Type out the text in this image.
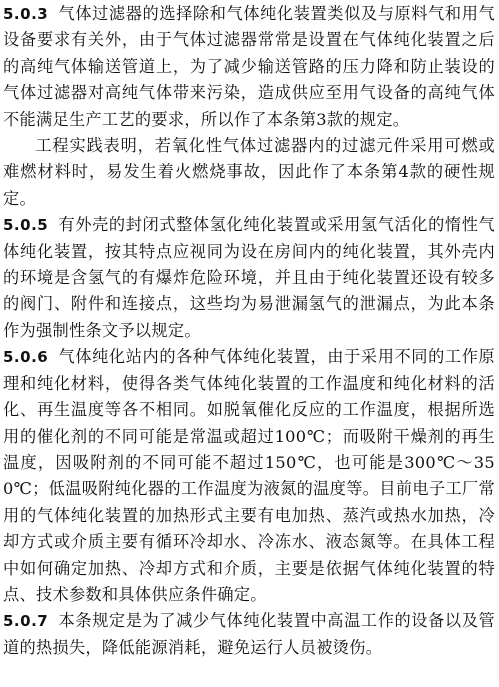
5.0.3 气体过滤器的选择除和气体纯化装置类似及与原料气和用气设备要求有关外，由于气体过滤器常常是设置在气体纯化装置之后的高纯气体输送管道上，为了减少输送管路的压力降和防止装设的气体过滤器对高纯气体带来污染，造成供应至用气设备的高纯气体不能满足生产工艺的要求，所以作了本条第3款的规定。

工程实践表明，若氧化性气体过滤器内的过滤元件采用可燃或难燃材料时，易发生着火燃烧事故，因此作了本条第4款的硬性规定。

5.0.5 有外壳的封闭式整体氢化纯化装置或采用氢气活化的惰性气体纯化装置，按其特点应视同为设在房间内的纯化装置，其外壳内的环境是含氢气的有爆炸危险环境，并且由于纯化装置还设有较多的阀门、附件和连接点，这些均为易泄漏氢气的泄漏点，为此本条作为强制性条文予以规定。

5.0.6 气体纯化站内的各种气体纯化装置，由于采用不同的工作原理和纯化材料，使得各类气体纯化装置的工作温度和纯化材料的活化、再生温度等各不相同。如脱氧催化反应的工作温度，根据所选用的催化剂的不同可能是常温或超过100℃；而吸附干燥剂的再生温度，因吸附剂的不同可能不超过150℃，也可能是300℃～350℃；低温吸附纯化器的工作温度为液氮的温度等。目前电子工厂常用的气体纯化装置的加热形式主要有电加热、蒸汽或热水加热，冷却方式或介质主要有循环冷却水、冷冻水、液态氮等。在具体工程中如何确定加热、冷却方式和介质，主要是依据气体纯化装置的特点、技术参数和具体供应条件确定。

5.0.7 本条规定是为了减少气体纯化装置中高温工作的设备以及管道的热损失，降低能源消耗，避免运行人员被烫伤。
